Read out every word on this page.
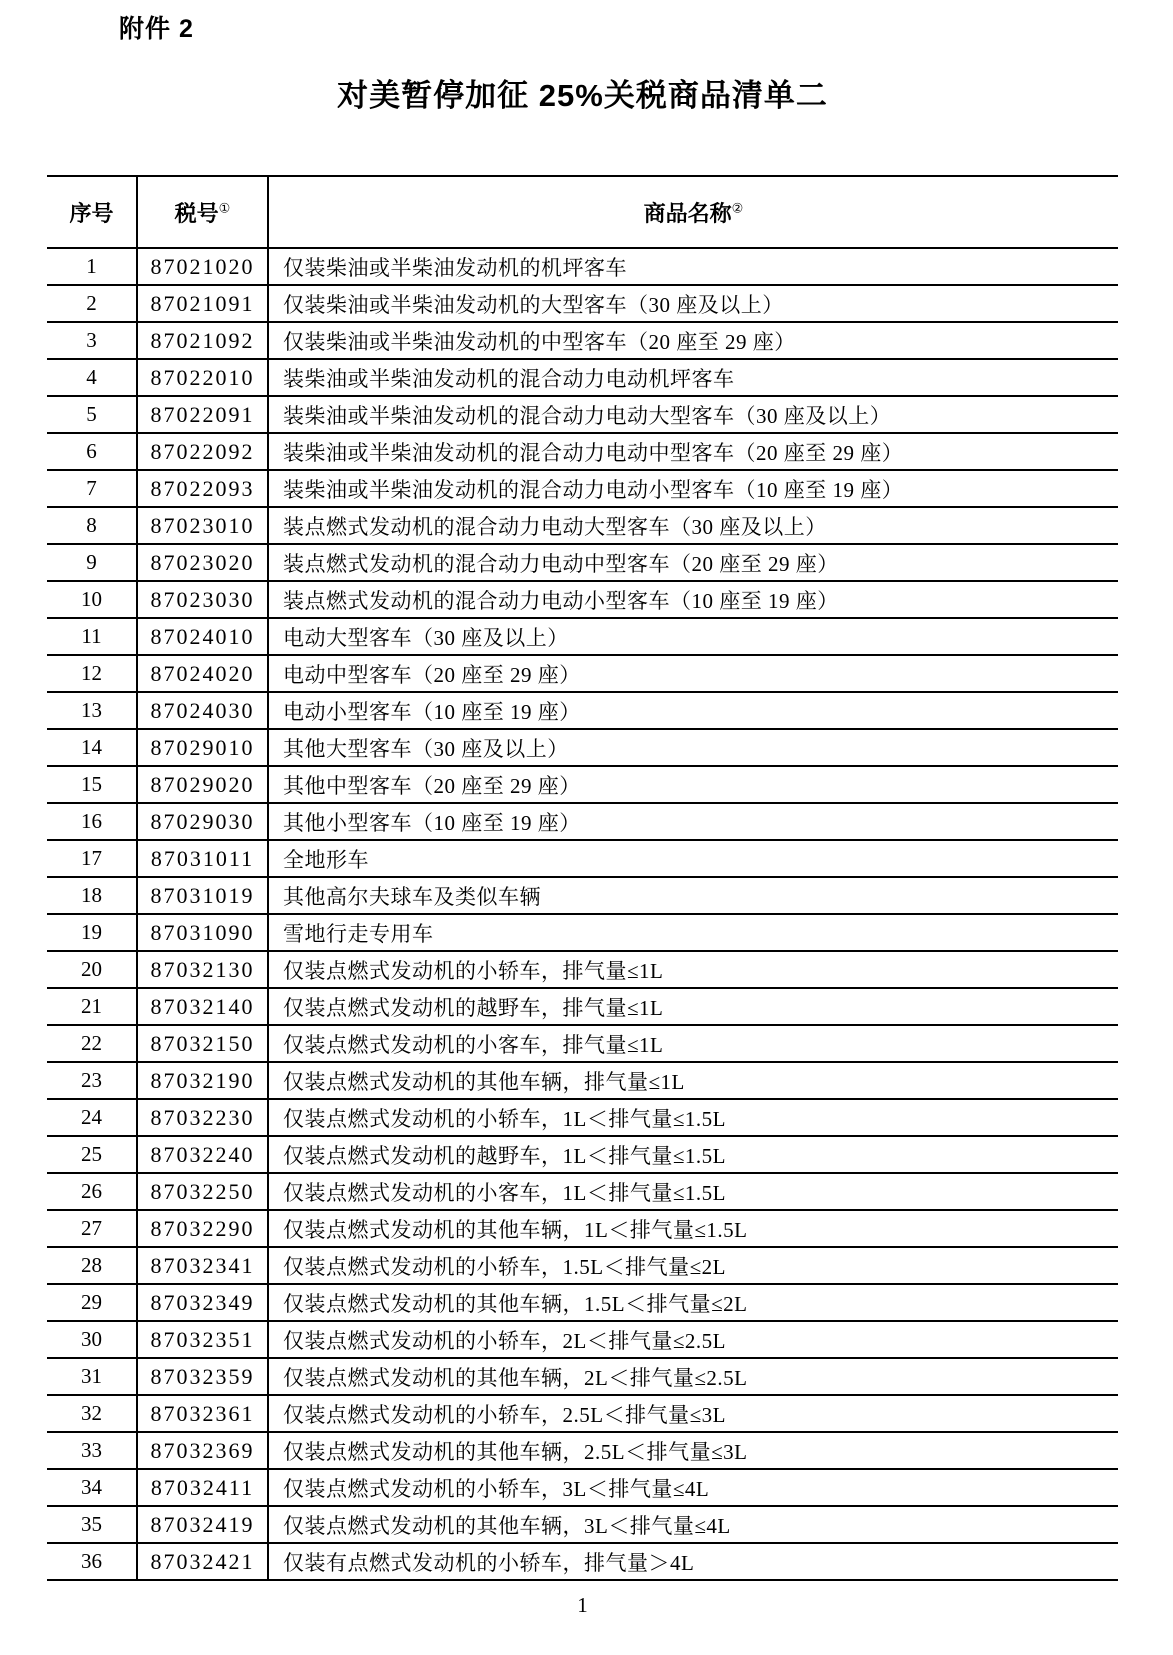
附件 2
对美暂停加征 25%关税商品清单二
序号	税号①	商品名称②
1	87021020	仅装柴油或半柴油发动机的机坪客车
2	87021091	仅装柴油或半柴油发动机的大型客车（30 座及以上）
3	87021092	仅装柴油或半柴油发动机的中型客车（20 座至 29 座）
4	87022010	装柴油或半柴油发动机的混合动力电动机坪客车
5	87022091	装柴油或半柴油发动机的混合动力电动大型客车（30 座及以上）
6	87022092	装柴油或半柴油发动机的混合动力电动中型客车（20 座至 29 座）
7	87022093	装柴油或半柴油发动机的混合动力电动小型客车（10 座至 19 座）
8	87023010	装点燃式发动机的混合动力电动大型客车（30 座及以上）
9	87023020	装点燃式发动机的混合动力电动中型客车（20 座至 29 座）
10	87023030	装点燃式发动机的混合动力电动小型客车（10 座至 19 座）
11	87024010	电动大型客车（30 座及以上）
12	87024020	电动中型客车（20 座至 29 座）
13	87024030	电动小型客车（10 座至 19 座）
14	87029010	其他大型客车（30 座及以上）
15	87029020	其他中型客车（20 座至 29 座）
16	87029030	其他小型客车（10 座至 19 座）
17	87031011	全地形车
18	87031019	其他高尔夫球车及类似车辆
19	87031090	雪地行走专用车
20	87032130	仅装点燃式发动机的小轿车，排气量≤1L
21	87032140	仅装点燃式发动机的越野车，排气量≤1L
22	87032150	仅装点燃式发动机的小客车，排气量≤1L
23	87032190	仅装点燃式发动机的其他车辆，排气量≤1L
24	87032230	仅装点燃式发动机的小轿车，1L＜排气量≤1.5L
25	87032240	仅装点燃式发动机的越野车，1L＜排气量≤1.5L
26	87032250	仅装点燃式发动机的小客车，1L＜排气量≤1.5L
27	87032290	仅装点燃式发动机的其他车辆，1L＜排气量≤1.5L
28	87032341	仅装点燃式发动机的小轿车，1.5L＜排气量≤2L
29	87032349	仅装点燃式发动机的其他车辆，1.5L＜排气量≤2L
30	87032351	仅装点燃式发动机的小轿车，2L＜排气量≤2.5L
31	87032359	仅装点燃式发动机的其他车辆，2L＜排气量≤2.5L
32	87032361	仅装点燃式发动机的小轿车，2.5L＜排气量≤3L
33	87032369	仅装点燃式发动机的其他车辆，2.5L＜排气量≤3L
34	87032411	仅装点燃式发动机的小轿车，3L＜排气量≤4L
35	87032419	仅装点燃式发动机的其他车辆，3L＜排气量≤4L
36	87032421	仅装有点燃式发动机的小轿车，排气量＞4L
1
